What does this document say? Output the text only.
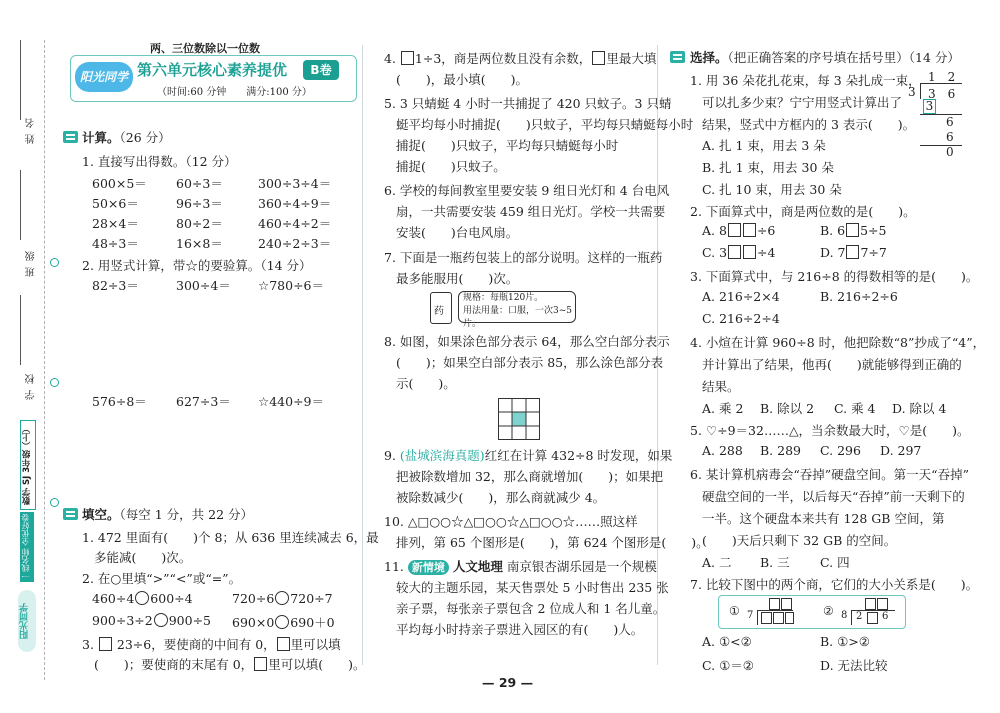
姓名
班级
学校
数学 SJ 3年级（上）
一线名师 全优好卷
阳光同学
两、三位数除以一位数
阳光同学 第六单元核心素养提优	B卷
（时间:60 分钟　　满分:100 分）
计算。（26 分）
1. 直接写出得数。（12 分）
600×5＝ 60÷3＝	300÷3÷4＝
50×6＝	96÷3＝	360÷4÷9＝
28×4＝	80÷2＝	460÷4÷2＝
48÷3＝	16×8＝	240÷2÷3＝
2. 用竖式计算，带☆的要验算。（14 分）
82÷3＝	300÷4＝ ☆780÷6＝
576÷8＝ 627÷3＝ ☆440÷9＝
填空。（每空 1 分，共 22 分）
1. 472 里面有(　　)个 8；从 636 里连续减去 6，最
多能减(　　)次。
2. 在○里填“>”“<”或“=”。
460÷4 600÷4	720÷6 720÷7
900÷3÷2 900÷5 690×0 690＋0
3. 23÷6，要使商的中间有 0， 里可以填
(　　)；要使商的末尾有 0， 里可以填(　　)。
4. 1÷3，商是两位数且没有余数， 里最大填
(　　)，最小填(　　)。
5. 3 只蜻蜓 4 小时一共捕捉了 420 只蚊子。3 只蜻
蜓平均每小时捕捉(　　)只蚊子，平均每只蜻蜓每小时
捕捉(　　)只蚊子，平均每只蜻蜓每小时
捕捉(　　)只蚊子。
6. 学校的每间教室里要安装 9 组日光灯和 4 台电风
扇，一共需要安装 459 组日光灯。学校一共需要
安装(　　)台电风扇。
7. 下面是一瓶药包装上的部分说明。这样的一瓶药
最多能服用(　　)次。
药
规格：每瓶120片。
用法用量：口服，一次3~5片。
8. 如图，如果涂色部分表示 64，那么空白部分表示
(　　)；如果空白部分表示 85，那么涂色部分表
示(　　)。
9. (盐城滨海真题)红红在计算 432÷8 时发现，如果
把被除数增加 32，那么商就增加(　　)；如果把
被除数减少(　　)，那么商就减少 4。
10. △□○○☆△□○○☆△□○○☆……照这样
排列，第 65 个图形是(　　)，第 624 个图形是(　　)。
11. 新情境 人文地理 南京银杏湖乐园是一个规模
较大的主题乐园，某天售票处 5 小时售出 235 张
亲子票，每张亲子票包含 2 位成人和 1 名儿童。
平均每小时持亲子票进入园区的有(　　)人。
— 29 —
选择。（把正确答案的序号填在括号里）（14 分）
1. 用 36 朵花扎花束，每 3 朵扎成一束，
可以扎多少束？宁宁用竖式计算出了
结果，竖式中方框内的 3 表示(　　)。
A. 扎 1 束，用去 3 朵
B. 扎 1 束，用去 30 朵
C. 扎 10 束，用去 30 朵
1　2
3 3　6
3
6
6
0
2. 下面算式中，商是两位数的是(　　)。
A. 8 ÷6	B. 6 5÷5
C. 3 ÷4	D. 7 7÷7
3. 下面算式中，与 216÷8 的得数相等的是(　　)。
A. 216÷2×4	B. 216÷2÷6
C. 216÷2÷4
4. 小煊在计算 960÷8 时，他把除数“8”抄成了“4”，
并计算出了结果，他再(　　)就能够得到正确的
结果。
A. 乘 2 B. 除以 2 C. 乘 4 D. 除以 4
5. ♡÷9＝32……△，当余数最大时，♡是(　　)。
A. 288 B. 289 C. 296 D. 297
6. 某计算机病毒会“吞掉”硬盘空间。第一天“吞掉”
硬盘空间的一半，以后每天“吞掉”前一天剩下的
一半。这个硬盘本来共有 128 GB 空间，第
(　　)天后只剩下 32 GB 的空间。
A. 二 B. 三 C. 四
7. 比较下图中的两个商，它们的大小关系是(　　)。
① 7	② 8 2 6
A. ①<②	B. ①>②
C. ①＝②	D. 无法比较
